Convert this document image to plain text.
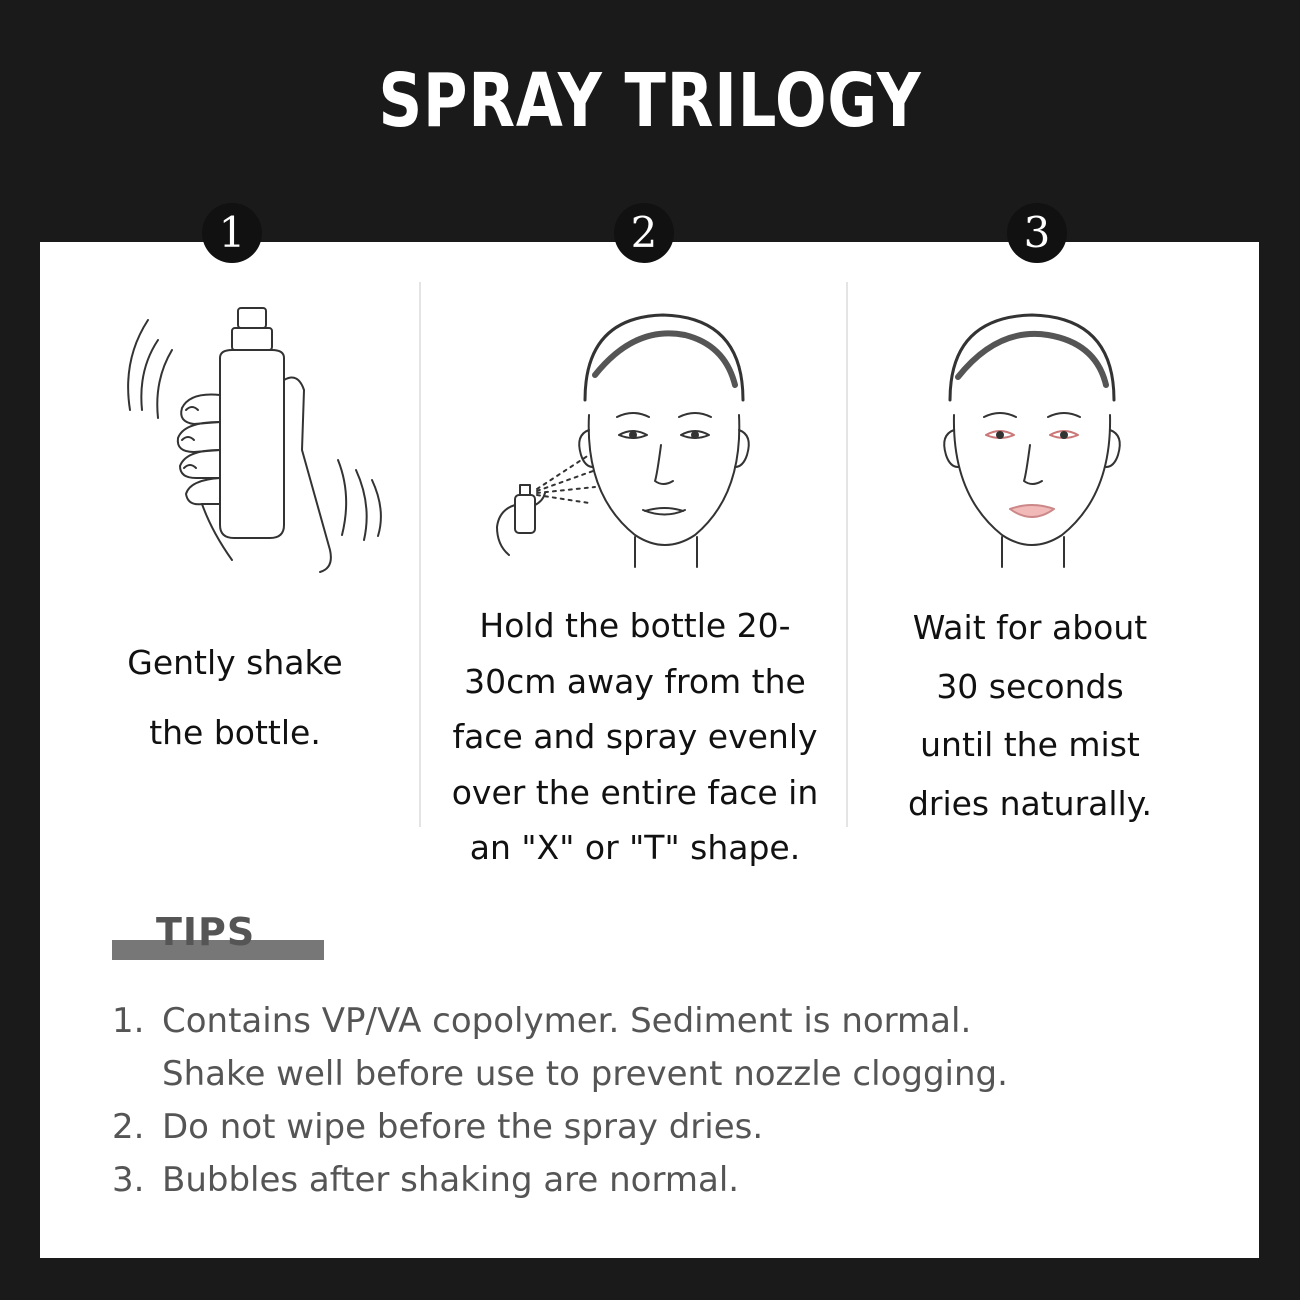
SPRAY TRILOGY
1	2	3
Gently shake
the bottle.
Hold the bottle 20-
30cm away from the
face and spray evenly
over the entire face in
an "X" or "T" shape.
Wait for about
30 seconds
until the mist
dries naturally.
TIPS
1. Contains VP/VA copolymer. Sediment is normal.
Shake well before use to prevent nozzle clogging.
2. Do not wipe before the spray dries.
3. Bubbles after shaking are normal.
